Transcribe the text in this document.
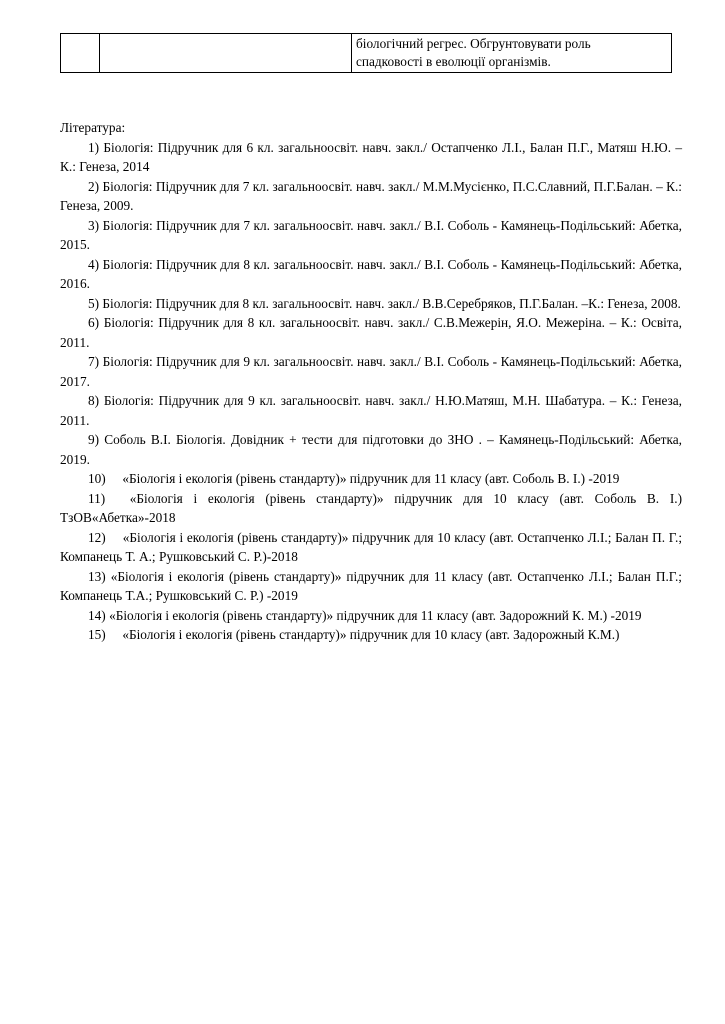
біологічний регрес. Обгрунтовувати роль
спадковості в еволюції організмів.

Література:

1) Біологія: Підручник для 6 кл. загальноосвіт. навч. закл./ Остапченко Л.І., Балан П.Г., Матяш Н.Ю. – К.: Генеза, 2014
2) Біологія: Підручник для 7 кл. загальноосвіт. навч. закл./ М.М.Мусієнко, П.С.Славний, П.Г.Балан. – К.: Генеза, 2009.
3) Біологія: Підручник для 7 кл. загальноосвіт. навч. закл./ В.І. Соболь - Камянець-Подільський: Абетка, 2015.
4) Біологія: Підручник для 8 кл. загальноосвіт. навч. закл./ В.І. Соболь - Камянець-Подільський: Абетка, 2016.
5) Біологія: Підручник для 8 кл. загальноосвіт. навч. закл./ В.В.Серебряков, П.Г.Балан. –К.: Генеза, 2008.
6) Біологія: Підручник для 8 кл. загальноосвіт. навч. закл./ С.В.Межерін, Я.О. Межеріна. – К.: Освіта, 2011.
7) Біологія: Підручник для 9 кл. загальноосвіт. навч. закл./ В.І. Соболь - Камянець-Подільський: Абетка, 2017.
8) Біологія: Підручник для 9 кл. загальноосвіт. навч. закл./ Н.Ю.Матяш, М.Н. Шабатура. – К.: Генеза, 2011.
9) Соболь В.І. Біологія. Довідник + тести для підготовки до ЗНО . – Камянець-Подільський: Абетка, 2019.
10) «Біологія і екологія (рівень стандарту)» підручник для 11 класу (авт. Соболь В. І.) -2019
11) «Біологія і екологія (рівень стандарту)» підручник для 10 класу (авт. Соболь В. І.) ТзОВ«Абетка»-2018
12) «Біологія і екологія (рівень стандарту)» підручник для 10 класу (авт. Остапченко Л.І.; Балан П. Г.; Компанець Т. А.; Рушковський С. Р.)-2018
13) «Біологія і екологія (рівень стандарту)» підручник для 11 класу (авт. Остапченко Л.І.; Балан П.Г.; Компанець Т.А.; Рушковський С. Р.) -2019
14) «Біологія і екологія (рівень стандарту)» підручник для 11 класу (авт. Задорожний К. М.) -2019
15) «Біологія і екологія (рівень стандарту)» підручник для 10 класу (авт. Задорожный К.М.)
